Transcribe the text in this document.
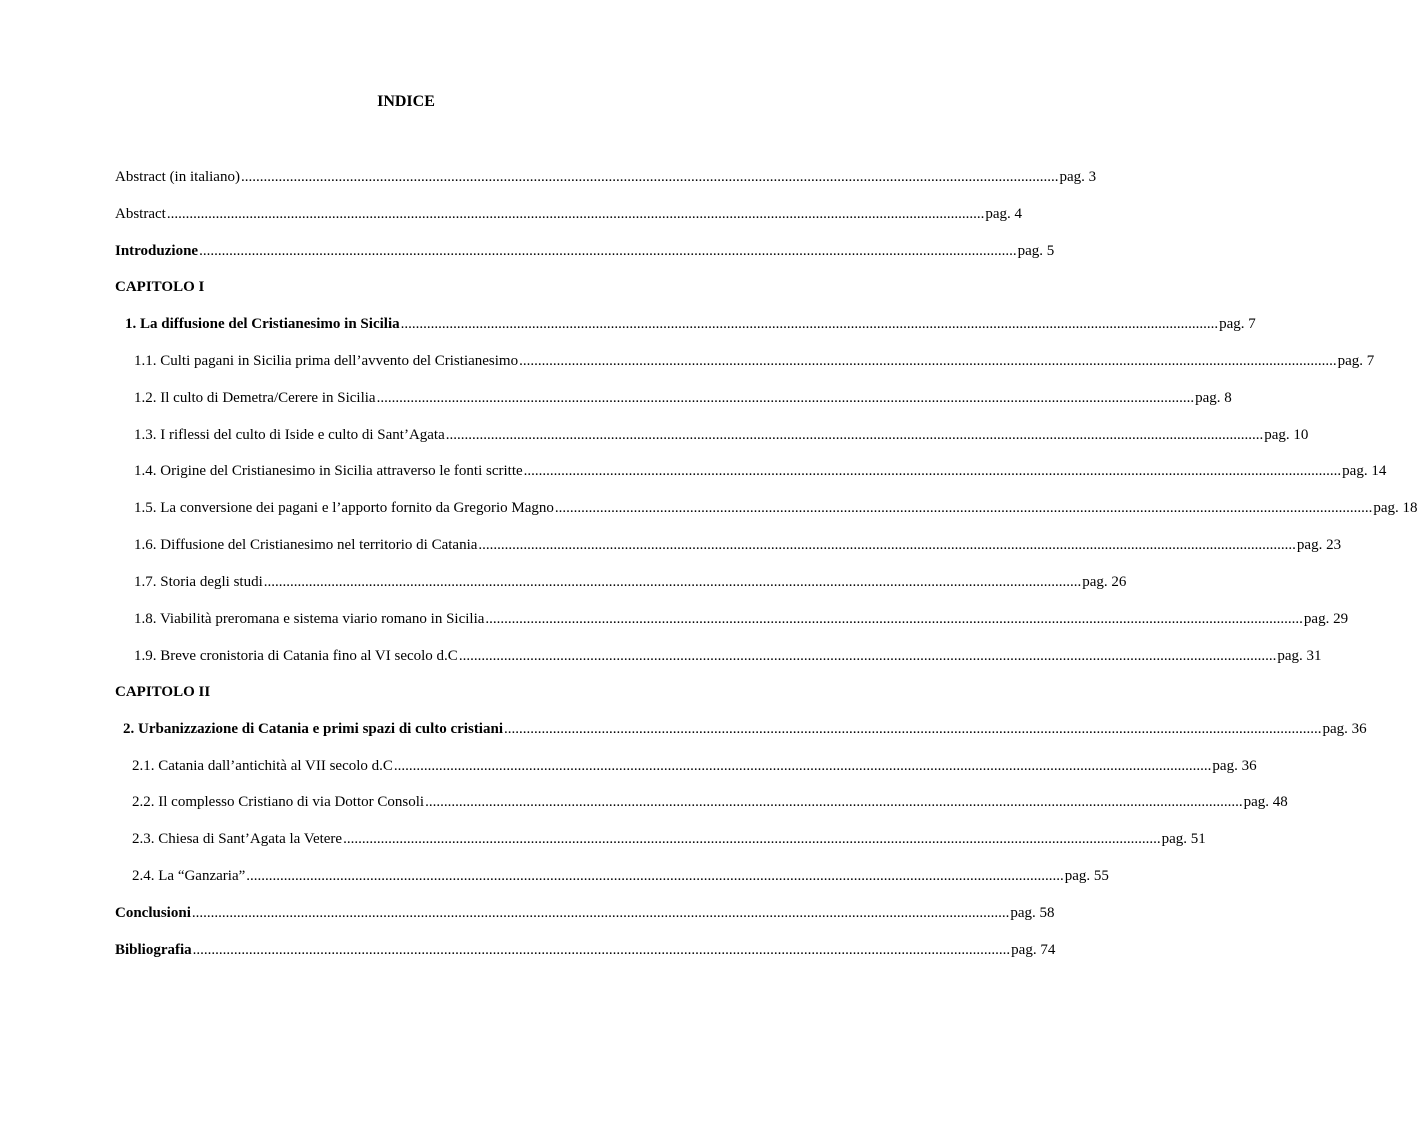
INDICE
Abstract (in italiano) .......................................................................................................................................................................................................................... pag. 3
Abstract .......................................................................................................................................................................................................................... pag. 4
Introduzione .......................................................................................................................................................................................................................... pag. 5
CAPITOLO I
1. La diffusione del Cristianesimo in Sicilia .......................................................................................................................................................................................................................... pag. 7
1.1. Culti pagani in Sicilia prima dell’avvento del Cristianesimo .......................................................................................................................................................................................................................... pag. 7
1.2. Il culto di Demetra/Cerere in Sicilia .......................................................................................................................................................................................................................... pag. 8
1.3. I riflessi del culto di Iside e culto di Sant’Agata .......................................................................................................................................................................................................................... pag. 10
1.4. Origine del Cristianesimo in Sicilia attraverso le fonti scritte .......................................................................................................................................................................................................................... pag. 14
1.5. La conversione dei pagani e l’apporto fornito da Gregorio Magno .......................................................................................................................................................................................................................... pag. 18
1.6. Diffusione del Cristianesimo nel territorio di Catania .......................................................................................................................................................................................................................... pag. 23
1.7. Storia degli studi .......................................................................................................................................................................................................................... pag. 26
1.8. Viabilità preromana e sistema viario romano in Sicilia .......................................................................................................................................................................................................................... pag. 29
1.9. Breve cronistoria di Catania fino al VI secolo d.C .......................................................................................................................................................................................................................... pag. 31
CAPITOLO II
2. Urbanizzazione di Catania e primi spazi di culto cristiani .......................................................................................................................................................................................................................... pag. 36
2.1. Catania dall’antichità al VII secolo d.C .......................................................................................................................................................................................................................... pag. 36
2.2. Il complesso Cristiano di via Dottor Consoli .......................................................................................................................................................................................................................... pag. 48
2.3. Chiesa di Sant’Agata la Vetere .......................................................................................................................................................................................................................... pag. 51
2.4. La “Ganzaria” .......................................................................................................................................................................................................................... pag. 55
Conclusioni .......................................................................................................................................................................................................................... pag. 58
Bibliografia .......................................................................................................................................................................................................................... pag. 74
